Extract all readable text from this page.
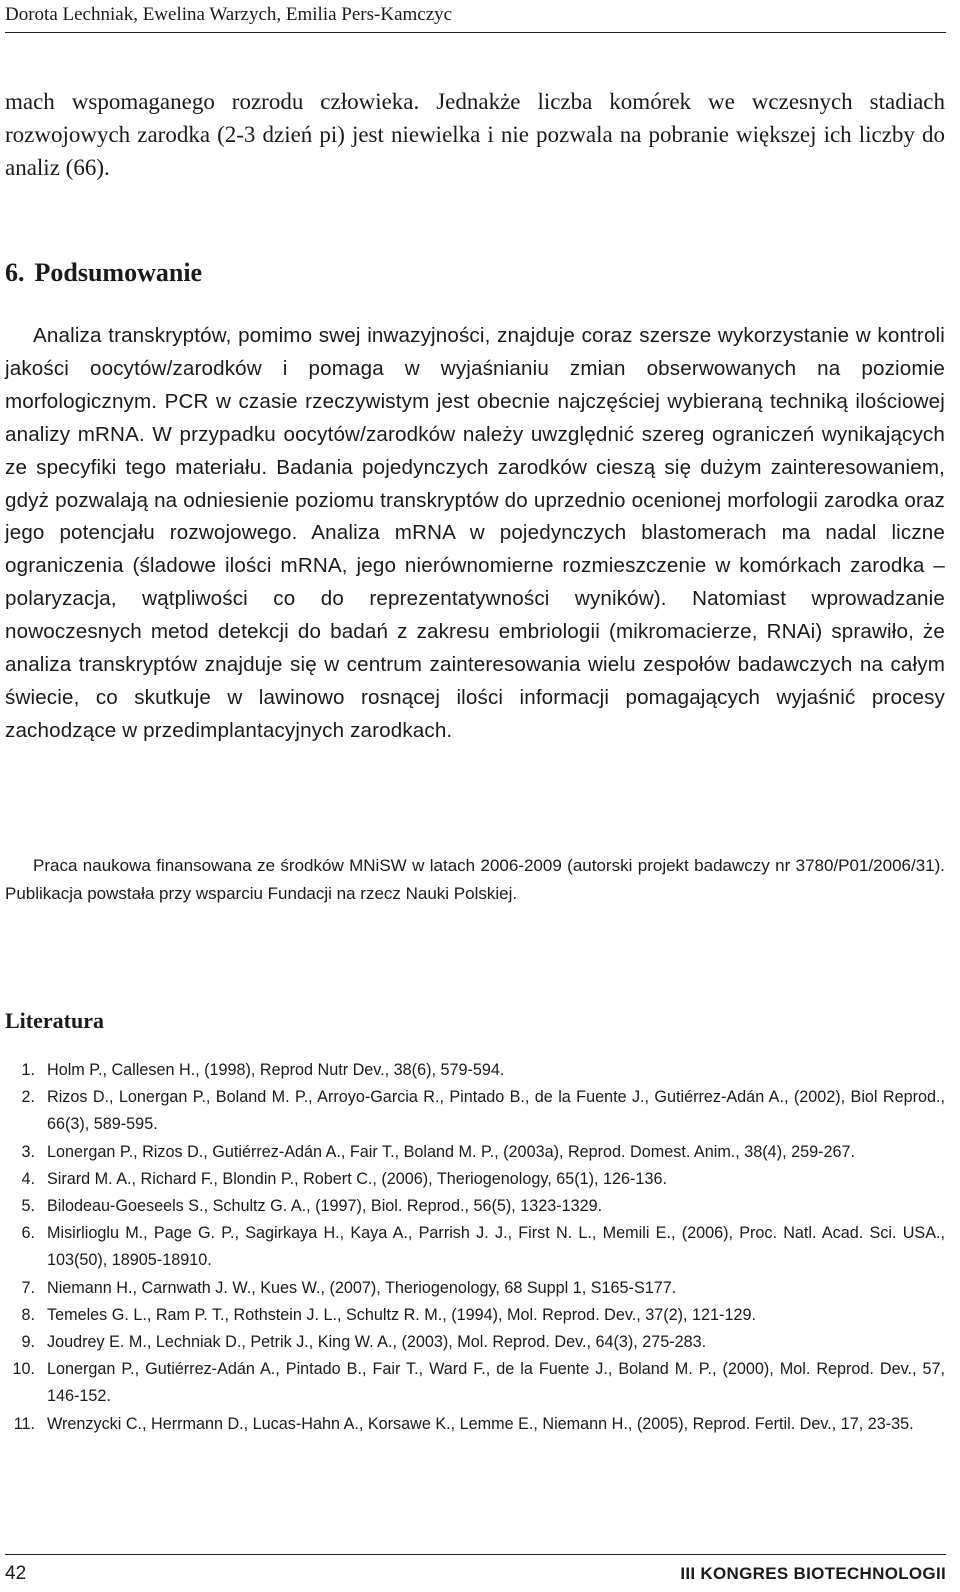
Dorota Lechniak, Ewelina Warzych, Emilia Pers-Kamczyc

mach wspomaganego rozrodu człowieka. Jednakże liczba komórek we wczesnych stadiach rozwojowych zarodka (2-3 dzień pi) jest niewielka i nie pozwala na pobranie większej ich liczby do analiz (66).

6. Podsumowanie

Analiza transkryptów, pomimo swej inwazyjności, znajduje coraz szersze wykorzystanie w kontroli jakości oocytów/zarodków i pomaga w wyjaśnianiu zmian obserwowanych na poziomie morfologicznym. PCR w czasie rzeczywistym jest obecnie najczęściej wybieraną techniką ilościowej analizy mRNA. W przypadku oocytów/zarodków należy uwzględnić szereg ograniczeń wynikających ze specyfiki tego materiału. Badania pojedynczych zarodków cieszą się dużym zainteresowaniem, gdyż pozwalają na odniesienie poziomu transkryptów do uprzednio ocenionej morfologii zarodka oraz jego potencjału rozwojowego. Analiza mRNA w pojedynczych blastomerach ma nadal liczne ograniczenia (śladowe ilości mRNA, jego nierównomierne rozmieszczenie w komórkach zarodka – polaryzacja, wątpliwości co do reprezentatywności wyników). Natomiast wprowadzanie nowoczesnych metod detekcji do badań z zakresu embriologii (mikromacierze, RNAi) sprawiło, że analiza transkryptów znajduje się w centrum zainteresowania wielu zespołów badawczych na całym świecie, co skutkuje w lawinowo rosnącej ilości informacji pomagających wyjaśnić procesy zachodzące w przedimplantacyjnych zarodkach.

Praca naukowa finansowana ze środków MNiSW w latach 2006-2009 (autorski projekt badawczy nr 3780/P01/2006/31). Publikacja powstała przy wsparciu Fundacji na rzecz Nauki Polskiej.

Literatura
1. Holm P., Callesen H., (1998), Reprod Nutr Dev., 38(6), 579-594.
2. Rizos D., Lonergan P., Boland M. P., Arroyo-Garcia R., Pintado B., de la Fuente J., Gutiérrez-Adán A., (2002), Biol Reprod., 66(3), 589-595.
3. Lonergan P., Rizos D., Gutiérrez-Adán A., Fair T., Boland M. P., (2003a), Reprod. Domest. Anim., 38(4), 259-267.
4. Sirard M. A., Richard F., Blondin P., Robert C., (2006), Theriogenology, 65(1), 126-136.
5. Bilodeau-Goeseels S., Schultz G. A., (1997), Biol. Reprod., 56(5), 1323-1329.
6. Misirlioglu M., Page G. P., Sagirkaya H., Kaya A., Parrish J. J., First N. L., Memili E., (2006), Proc. Natl. Acad. Sci. USA., 103(50), 18905-18910.
7. Niemann H., Carnwath J. W., Kues W., (2007), Theriogenology, 68 Suppl 1, S165-S177.
8. Temeles G. L., Ram P. T., Rothstein J. L., Schultz R. M., (1994), Mol. Reprod. Dev., 37(2), 121-129.
9. Joudrey E. M., Lechniak D., Petrik J., King W. A., (2003), Mol. Reprod. Dev., 64(3), 275-283.
10. Lonergan P., Gutiérrez-Adán A., Pintado B., Fair T., Ward F., de la Fuente J., Boland M. P., (2000), Mol. Reprod. Dev., 57, 146-152.
11. Wrenzycki C., Herrmann D., Lucas-Hahn A., Korsawe K., Lemme E., Niemann H., (2005), Reprod. Fertil. Dev., 17, 23-35.
42	III KONGRES BIOTECHNOLOGII
